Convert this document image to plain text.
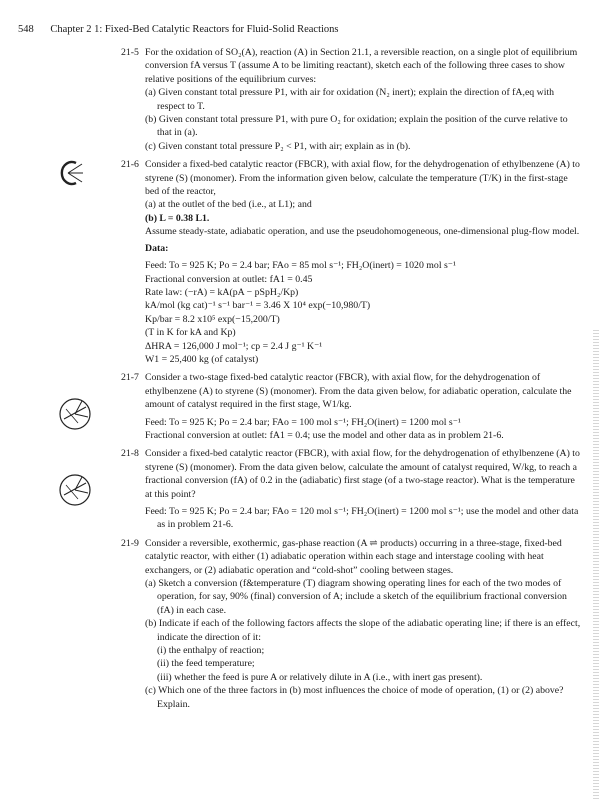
548 Chapter 2 1: Fixed-Bed Catalytic Reactors for Fluid-Solid Reactions
21-5 For the oxidation of SO₂(A), reaction (A) in Section 21.1, a reversible reaction, on a single plot of equilibrium conversion fA versus T (assume A to be limiting reactant), sketch each of the following three cases to show relative positions of the equilibrium curves:

(a) Given constant total pressure P1, with air for oxidation (N₂ inert); explain the direction of fA,eq with respect to T.

(b) Given constant total pressure P1, with pure O₂ for oxidation; explain the position of the curve relative to that in (a).

(c) Given constant total pressure P₂ < P1, with air; explain as in (b).

21-6 Consider a fixed-bed catalytic reactor (FBCR), with axial flow, for the dehydrogenation of ethylbenzene (A) to styrene (S) (monomer). From the information given below, calculate the temperature (T/K) in the first-stage bed of the reactor,

(a) at the outlet of the bed (i.e., at L1); and

(b) L = 0.38 L1.

Assume steady-state, adiabatic operation, and use the pseudohomogeneous, one-dimensional plug-flow model.

Data:

Feed: To = 925 K; Po = 2.4 bar; FAo = 85 mol s⁻¹; FH₂O(inert) = 1020 mol s⁻¹

Fractional conversion at outlet: fA1 = 0.45

Rate law: (−rA) = kA(pA − pSpH₂/Kp)

kA/mol (kg cat)⁻¹ s⁻¹ bar⁻¹ = 3.46 X 10⁴ exp(−10,980/T)

Kp/bar = 8.2 x10⁵ exp(−15,200/T)

(T in K for kA and Kp)

ΔHRA = 126,000 J mol⁻¹; cp = 2.4 J g⁻¹ K⁻¹

W1 = 25,400 kg (of catalyst)

21-7 Consider a two-stage fixed-bed catalytic reactor (FBCR), with axial flow, for the dehydrogenation of ethylbenzene (A) to styrene (S) (monomer). From the data given below, for adiabatic operation, calculate the amount of catalyst required in the first stage, W1/kg.

Feed: To = 925 K; Po = 2.4 bar; FAo = 100 mol s⁻¹; FH₂O(inert) = 1200 mol s⁻¹

Fractional conversion at outlet: fA1 = 0.4; use the model and other data as in problem 21-6.

21-8 Consider a fixed-bed catalytic reactor (FBCR), with axial flow, for the dehydrogenation of ethylbenzene (A) to styrene (S) (monomer). From the data given below, calculate the amount of catalyst required, W/kg, to reach a fractional conversion (fA) of 0.2 in the (adiabatic) first stage (of a two-stage reactor). What is the temperature at this point?

Feed: To = 925 K; Po = 2.4 bar; FAo = 120 mol s⁻¹; FH₂O(inert) = 1200 mol s⁻¹; use the model and other data as in problem 21-6.

21-9 Consider a reversible, exothermic, gas-phase reaction (A ⇌ products) occurring in a three-stage, fixed-bed catalytic reactor, with either (1) adiabatic operation within each stage and interstage cooling with heat exchangers, or (2) adiabatic operation and “cold-shot” cooling between stages.

(a) Sketch a conversion (f&temperature (T) diagram showing operating lines for each of the two modes of operation, for say, 90% (final) conversion of A; include a sketch of the equilibrium fractional conversion (fA) in each case.

(b) Indicate if each of the following factors affects the slope of the adiabatic operating line; if there is an effect, indicate the direction of it:

(i) the enthalpy of reaction;

(ii) the feed temperature;

(iii) whether the feed is pure A or relatively dilute in A (i.e., with inert gas present).

(c) Which one of the three factors in (b) most influences the choice of mode of operation, (1) or (2) above? Explain.
